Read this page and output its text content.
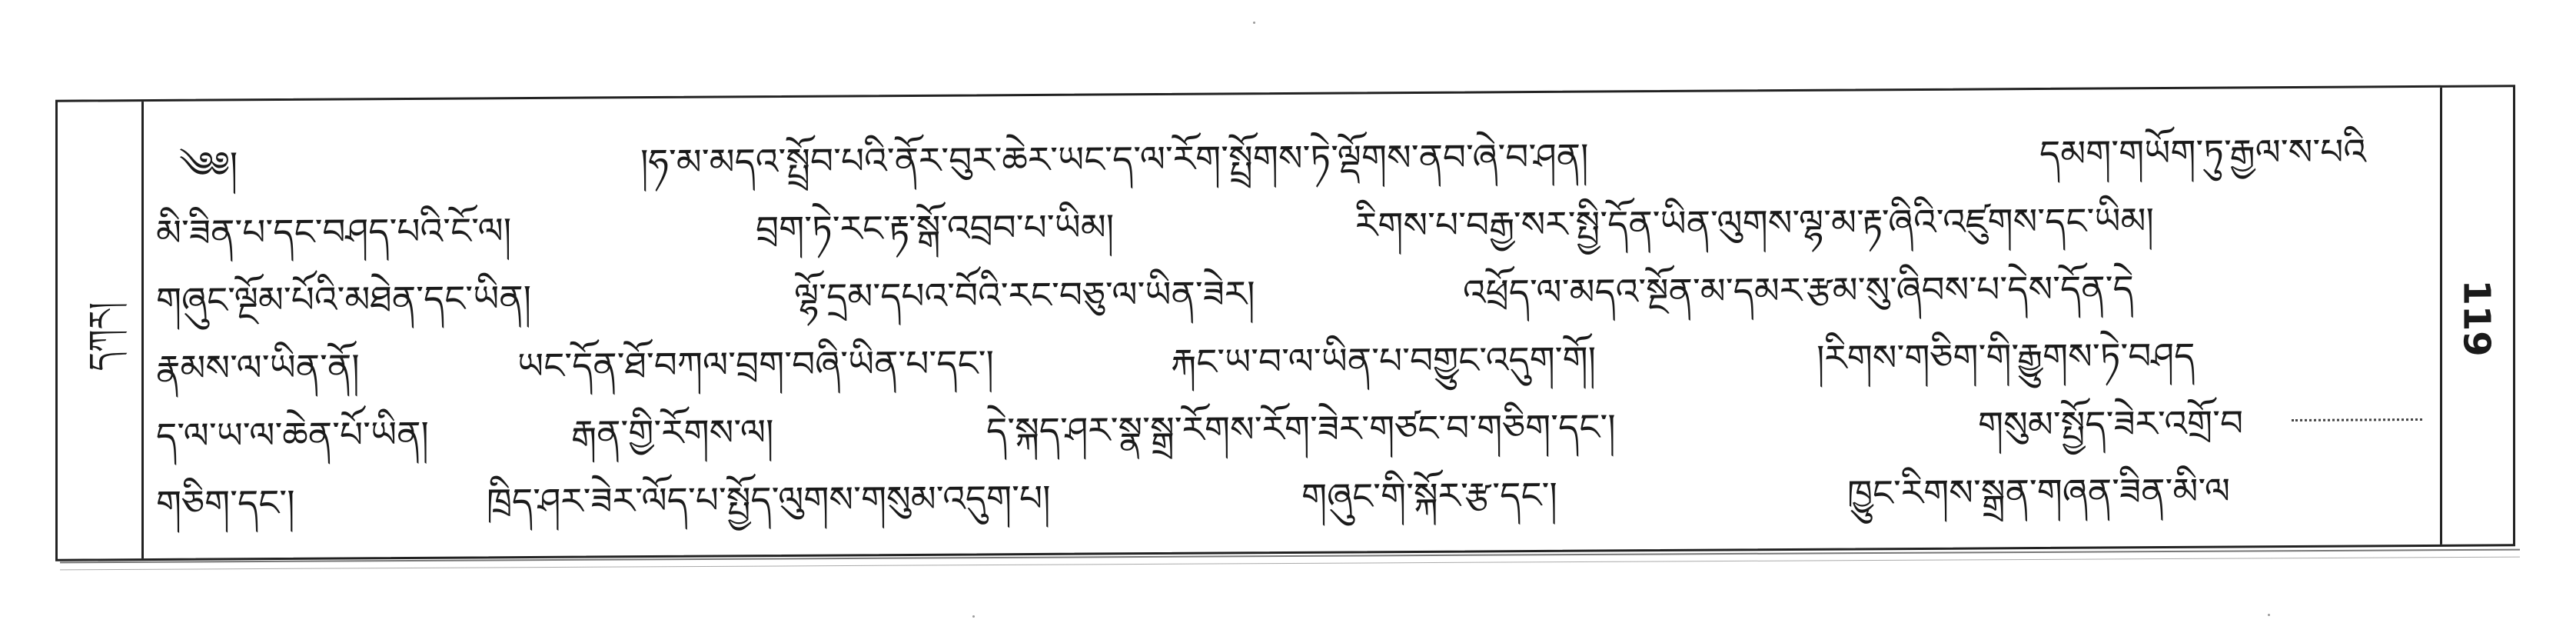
དཀར།
༄༅།	།ཧ་མ་མདའ་སྤྲོབ་པའི་ནོར་བུར་ཆེར་ཡང་ད་ལ་རོག་སྤྲོགས་ཏེ་ལྡོགས་ནབ་ཞེ་བ་ཤན།	དམག་གཡོག་ཏུ་རྒྱལ་ས་པའི
མི་ཟིན་པ་དང་བཤད་པའི་ངོ་ལ།	བྲག་ཏེ་རང་རྟ་སྒོ་འབྲབ་པ་ཡིམ།	རིགས་པ་བརྒྱ་སར་སྤྱི་དོན་ཡིན་ལུགས་ལྷ་མ་རྟ་ཞིའི་འཛུགས་དང་ཡིམ།
གཞུང་ལྔོམ་པོའི་མཐེན་དང་ཡིན།	ལྷོ་དྲམ་དཔའ་བོའི་རང་བཅུ་ལ་ཡིན་ཟེར།	འཕྲོད་ལ་མདའ་སྔོན་མ་དམར་རྩམ་སུ་ཞིབས་པ་དེས་དོན་དེ
རྣམས་ལ་ཡིན་ནོ།	ཡང་དོན་ཐོ་བཀལ་བྲག་བཞི་ཡིན་པ་དང་།	རྐང་ཡ་བ་ལ་ཡིན་པ་བགྱུང་འདུག་གོ།	།རིགས་གཅིག་གི་རྒྱུགས་ཏེ་བཤད
ད་ལ་ཡ་ལ་ཆེན་པོ་ཡིན།	རྒན་གྱི་རོགས་ལ།	དེ་སྐད་ཤར་སྣ་སྒྲ་རོགས་རོག་ཟེར་གཙང་བ་གཅིག་དང་།	གསུམ་སྤྱོད་ཟེར་འགྲོ་བ
གཅིག་དང་།	ཁྲིད་ཤར་ཟེར་ལོད་པ་སྤྱོད་ལུགས་གསུམ་འདུག་པ།	གཞུང་གི་སྐོར་རྩ་དང་།	ཁྱུང་རིགས་སྒྲན་གཞན་ཟིན་མི་ལ
119
